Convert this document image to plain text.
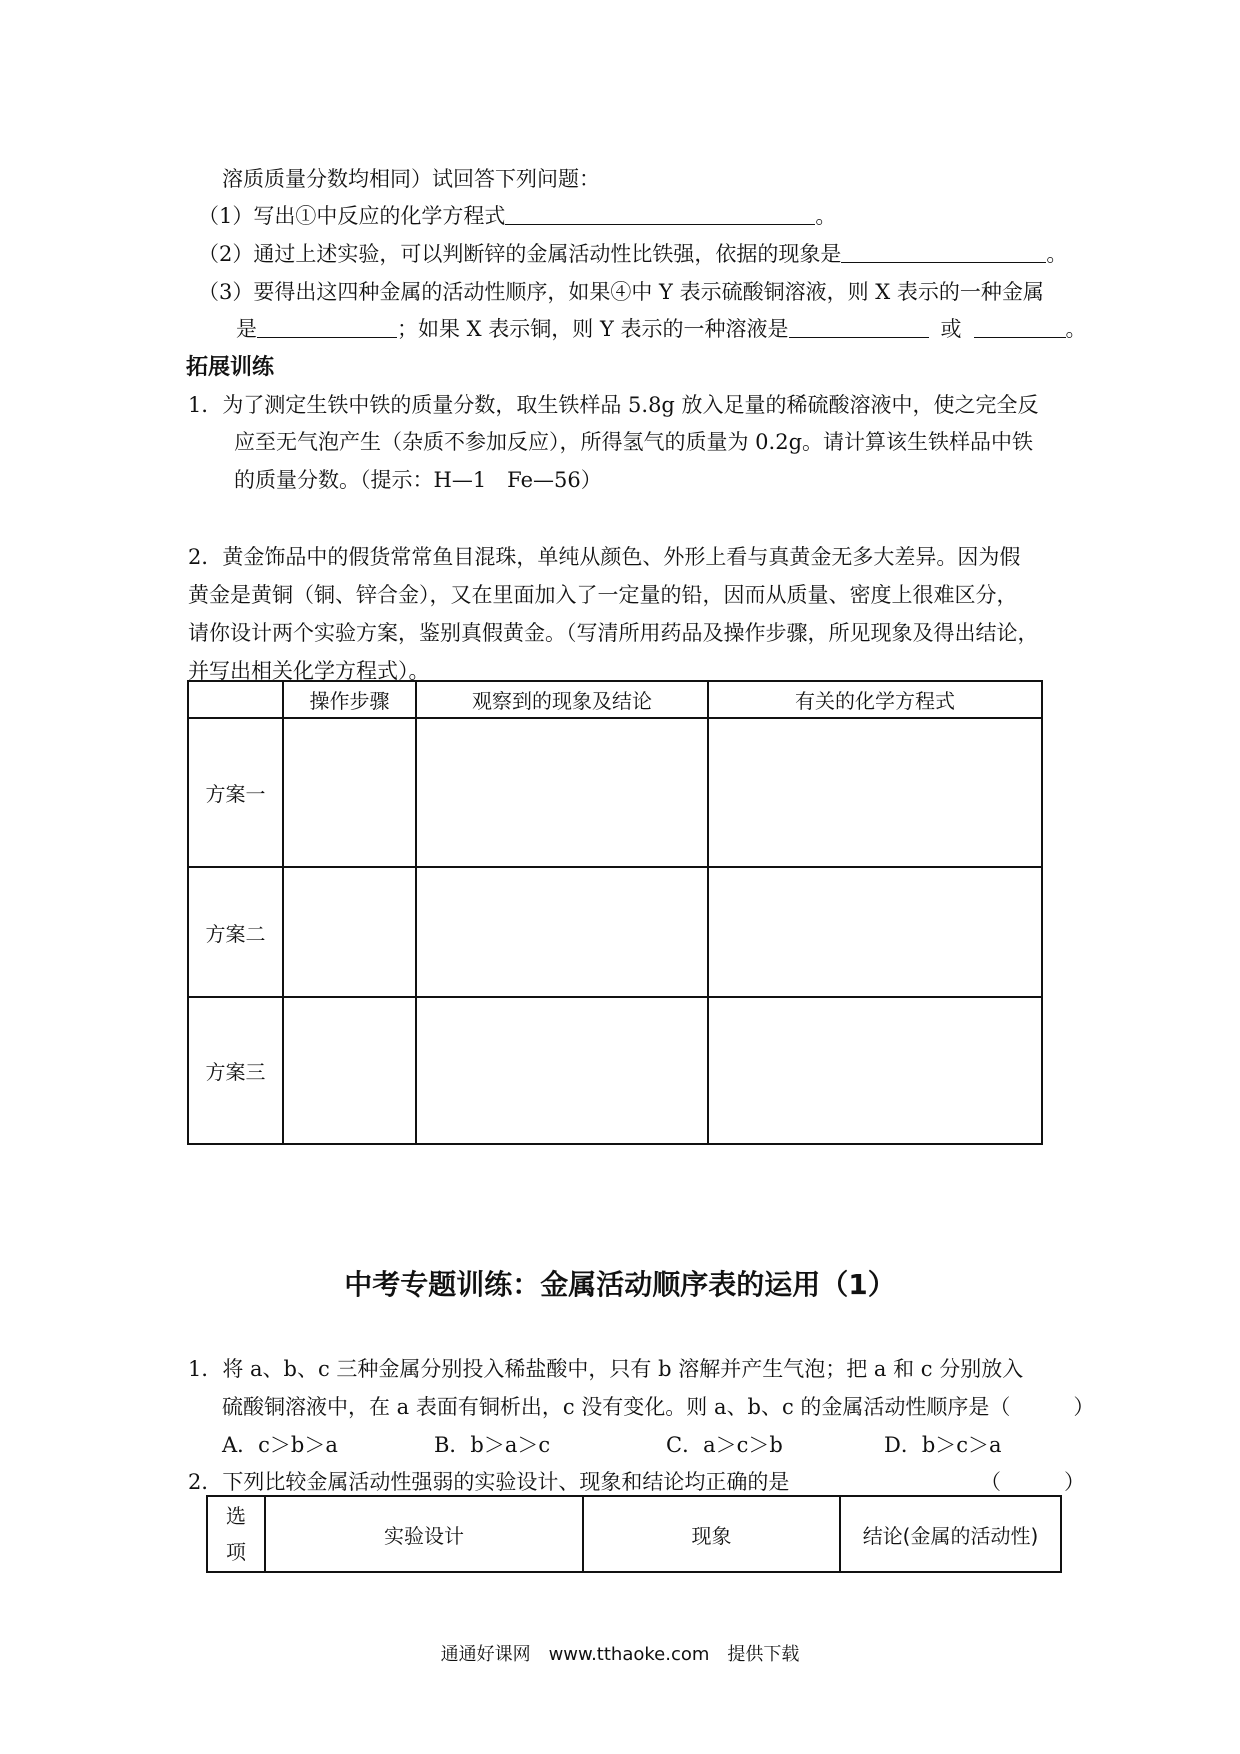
溶质质量分数均相同）试回答下列问题：
（1）写出①中反应的化学方程式	。
（2）通过上述实验，可以判断锌的金属活动性比铁强，依据的现象是	。
（3）要得出这四种金属的活动性顺序，如果④中 Y 表示硫酸铜溶液，则 X 表示的一种金属
是	；如果 X 表示铜，则 Y 表示的一种溶液是	或	。
拓展训练
1．为了测定生铁中铁的质量分数，取生铁样品 5.8g 放入足量的稀硫酸溶液中，使之完全反
应至无气泡产生（杂质不参加反应），所得氢气的质量为 0.2g。请计算该生铁样品中铁
的质量分数。（提示：H—1　Fe—56）
2．黄金饰品中的假货常常鱼目混珠，单纯从颜色、外形上看与真黄金无多大差异。因为假
黄金是黄铜（铜、锌合金），又在里面加入了一定量的铅，因而从质量、密度上很难区分，
请你设计两个实验方案，鉴别真假黄金。（写清所用药品及操作步骤，所见现象及得出结论，
并写出相关化学方程式）。
	操作步骤	观察到的现象及结论	有关的化学方程式
方案一			
方案二			
方案三			
中考专题训练：金属活动顺序表的运用（1）
1．将 a、b、c 三种金属分别投入稀盐酸中，只有 b 溶解并产生气泡；把 a 和 c 分别放入
硫酸铜溶液中，在 a 表面有铜析出，c 没有变化。则 a、b、c 的金属活动性顺序是（　　　）
A．c＞b＞a	B．b＞a＞c	C．a＞c＞b	D．b＞c＞a
2．下列比较金属活动性强弱的实验设计、现象和结论均正确的是	（　　　）
选
项
	实验设计	现象	结论(金属的活动性)
通通好课网　www.tthaoke.com　提供下载
